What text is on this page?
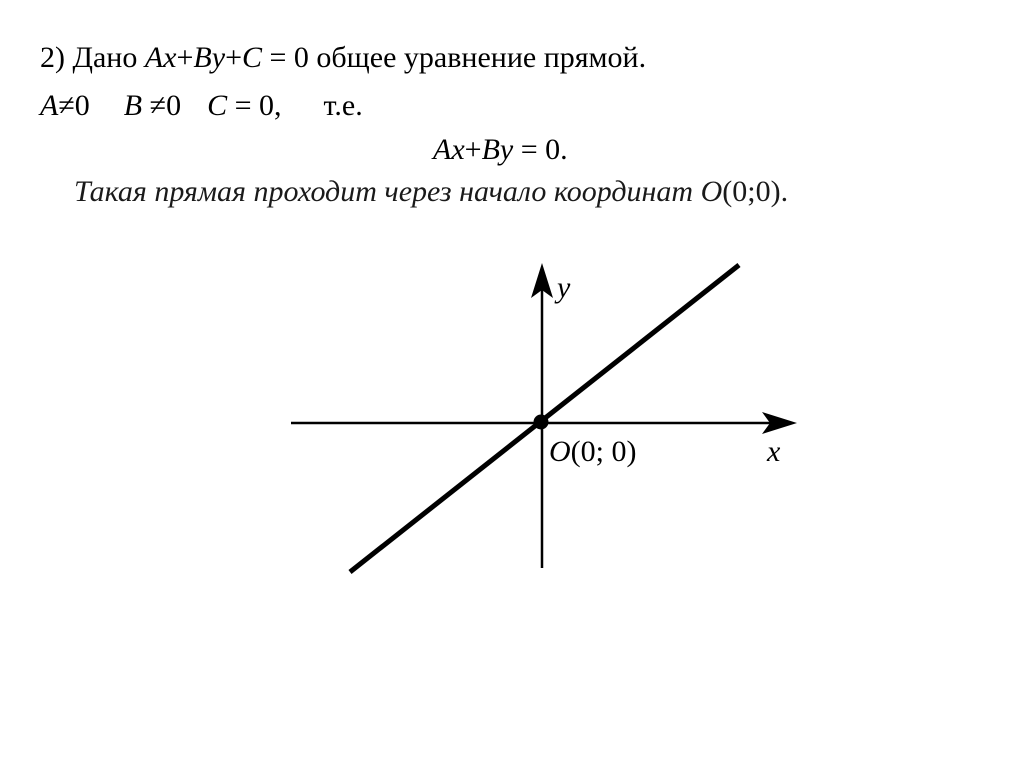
2) Дано Ax+By+C = 0 общее уравнение прямой.
A≠0 B ≠0 C = 0, т.е.
Ax+By = 0.
Такая прямая проходит через начало координат O(0;0).
y
x
O(0; 0)
